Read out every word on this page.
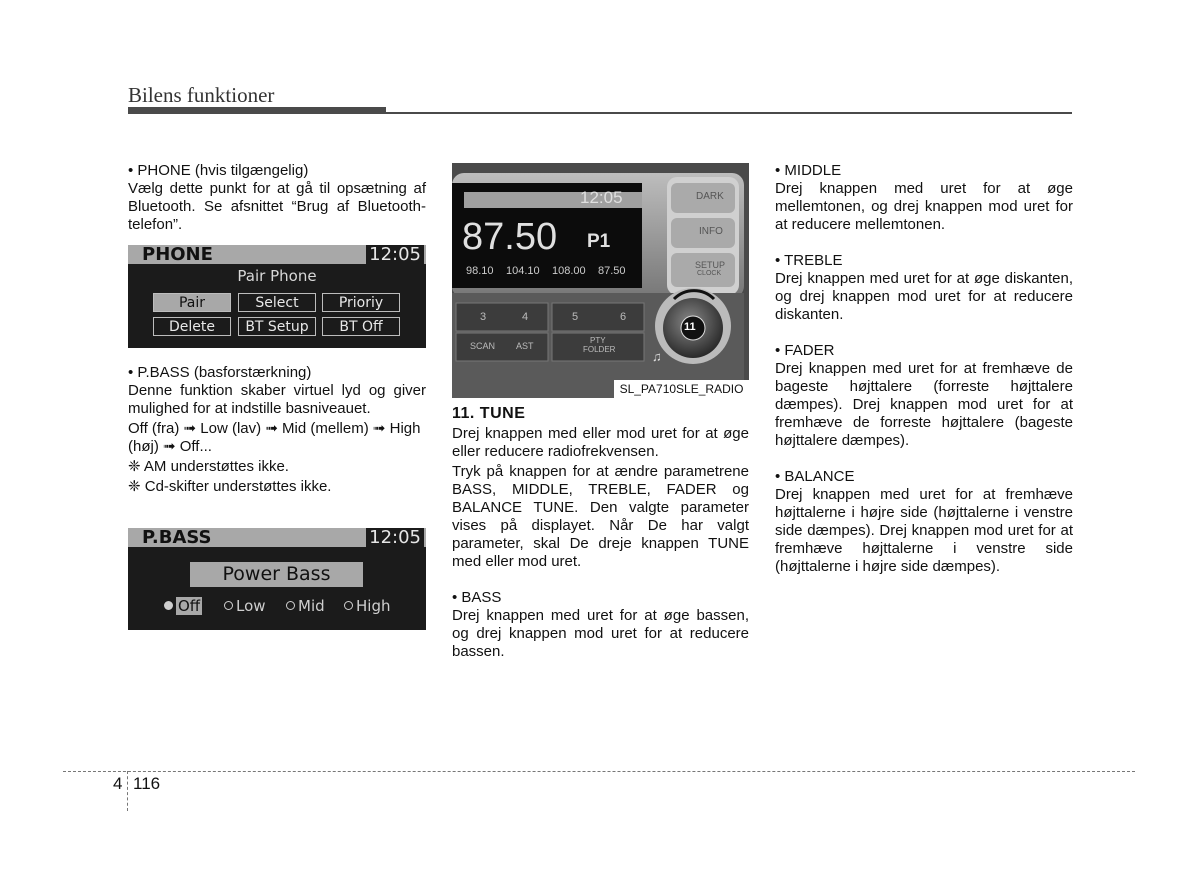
Bilens funktioner

• PHONE (hvis tilgængelig)

Vælg dette punkt for at gå til opsætning af Bluetooth. Se afsnittet “Brug af Bluetooth-telefon”.

PHONE	12:05
Pair Phone
Pair	Select	Prioriy
Delete	BT Setup	BT Off

• P.BASS (basforstærkning)

Denne funktion skaber virtuel lyd og giver mulighed for at indstille basniveauet.

Off (fra) ➟ Low (lav) ➟ Mid (mellem) ➟ High (høj) ➟ Off...

❈ AM understøttes ikke.

❈ Cd-skifter understøttes ikke.

P.BASS	12:05
Power Bass
Off	Low	Mid	High
12:05
87.50 P1
98.10 104.10 108.00 87.50
DARK
INFO
SETUP
CLOCK
3	4	5	6
SCAN AST
PTY
FOLDER
11
♫
SL_PA710SLE_RADIO

11. TUNE

Drej knappen med eller mod uret for at øge eller reducere radiofrekvensen.

Tryk på knappen for at ændre parametrene BASS, MIDDLE, TREBLE, FADER og BALANCE TUNE. Den valgte parameter vises på displayet. Når De har valgt parameter, skal De dreje knappen TUNE med eller mod uret.

• BASS

Drej knappen med uret for at øge bassen, og drej knappen mod uret for at reducere bassen.

• MIDDLE

Drej knappen med uret for at øge mellemtonen, og drej knappen mod uret for at reducere mellemtonen.

• TREBLE

Drej knappen med uret for at øge diskanten, og drej knappen mod uret for at reducere diskanten.

• FADER

Drej knappen med uret for at fremhæve de bageste højttalere (forreste højttalere dæmpes). Drej knappen mod uret for at fremhæve de forreste højttalere (bageste højttalere dæmpes).

• BALANCE

Drej knappen med uret for at fremhæve højttalerne i højre side (højttalerne i venstre side dæmpes). Drej knappen mod uret for at fremhæve højttalerne i venstre side (højttalerne i højre side dæmpes).

4 116
